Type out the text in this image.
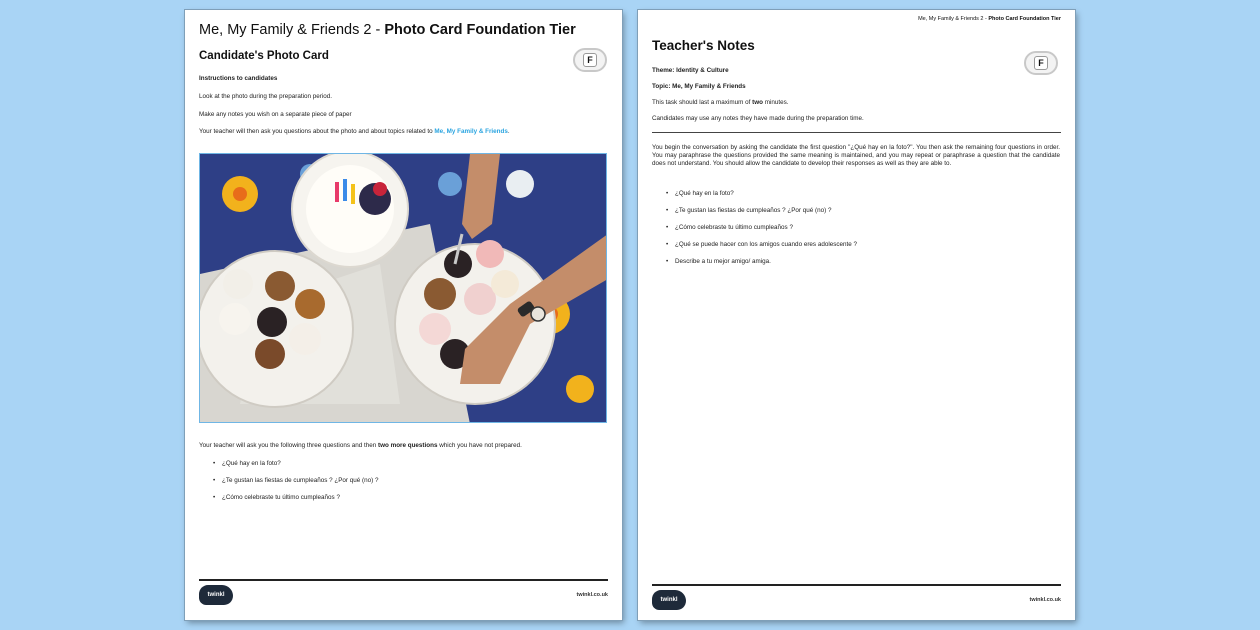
Me, My Family & Friends 2 - Photo Card Foundation Tier
Candidate's Photo Card	F
Instructions to candidates
Look at the photo during the preparation period.
Make any notes you wish on a separate piece of paper
Your teacher will then ask you questions about the photo and about topics related to Me, My Family & Friends.
Your teacher will ask you the following three questions and then two more questions which you have not prepared.
• ¿Qué hay en la foto?
• ¿Te gustan las fiestas de cumpleaños ? ¿Por qué (no) ?
• ¿Cómo celebraste tu último cumpleaños ?
twinkl	twinkl.co.uk
Me, My Family & Friends 2 - Photo Card Foundation Tier
Teacher's Notes
F
Theme: Identity & Culture
Topic: Me, My Family & Friends
This task should last a maximum of two minutes.
Candidates may use any notes they have made during the preparation time.
You begin the conversation by asking the candidate the first question "¿Qué hay en la foto?". You then ask the remaining four questions in order. You may paraphrase the questions provided the same meaning is maintained, and you may repeat or paraphrase a question that the candidate does not understand. You should allow the candidate to develop their responses as well as they are able to.
• ¿Qué hay en la foto?
• ¿Te gustan las fiestas de cumpleaños ? ¿Por qué (no) ?
• ¿Cómo celebraste tu último cumpleaños ?
• ¿Qué se puede hacer con los amigos cuando eres adolescente ?
• Describe a tu mejor amigo/ amiga.
twinkl	twinkl.co.uk
